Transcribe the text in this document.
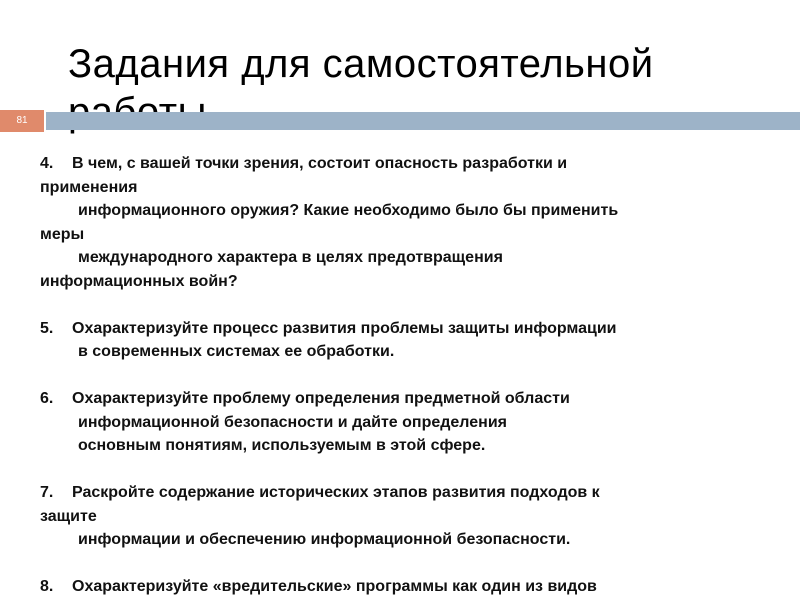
Задания для самостоятельной

81
4. В чем, с вашей точки зрения, состоит опасность разработки и
применения
информационного оружия? Какие необходимо было бы применить
меры
международного характера в целях предотвращения
информационных войн?
5. Охарактеризуйте процесс развития проблемы защиты информации
в современных системах ее обработки.
6. Охарактеризуйте проблему определения предметной области
информационной безопасности и дайте определения
основным понятиям, используемым в этой сфере.
7. Раскройте содержание исторических этапов развития подходов к
защите
информации и обеспечению информационной безопасности.
8. Охарактеризуйте «вредительские» программы как один из видов
